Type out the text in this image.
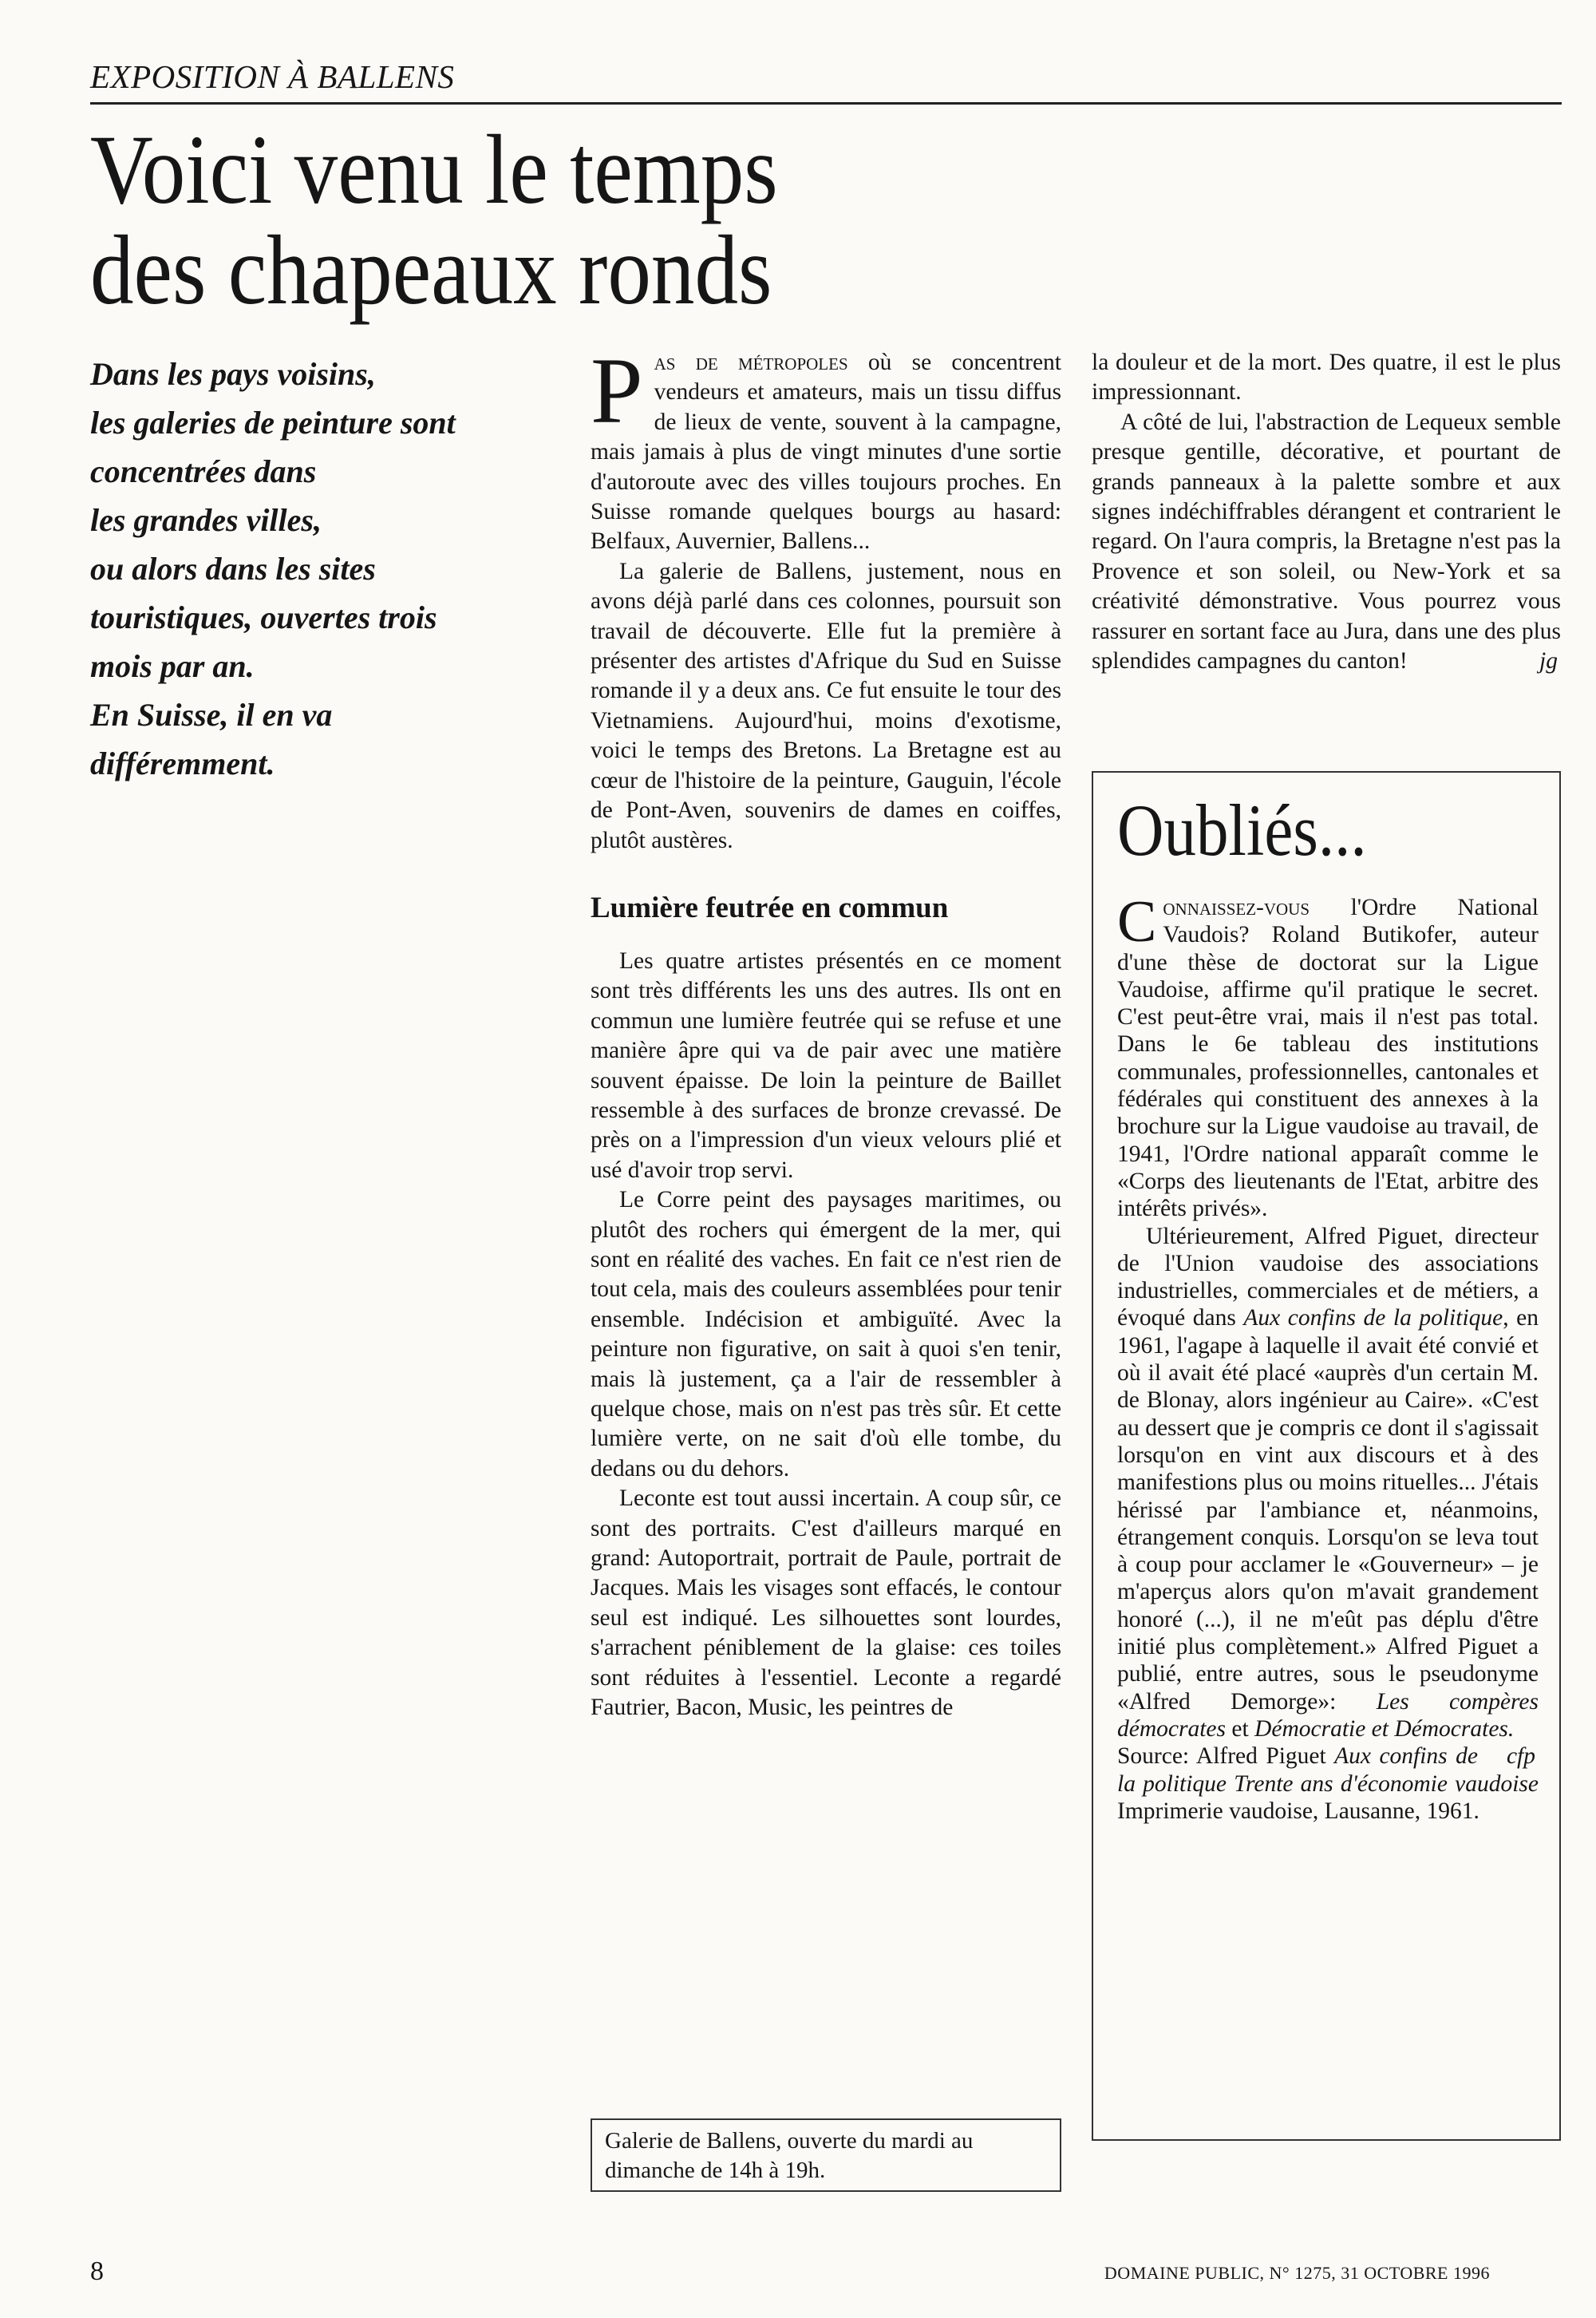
EXPOSITION À BALLENS
Voici venu le temps
des chapeaux ronds

Dans les pays voisins,

les galeries de peinture sont

concentrées dans

les grandes villes,

ou alors dans les sites

touristiques, ouvertes trois

mois par an.

En Suisse, il en va

différemment.

Pas de métropoles où se concentrent vendeurs et amateurs, mais un tissu diffus de lieux de vente, souvent à la campagne, mais jamais à plus de vingt minutes d'une sortie d'autoroute avec des villes toujours proches. En Suisse romande quelques bourgs au hasard: Belfaux, Auvernier, Ballens...

La galerie de Ballens, justement, nous en avons déjà parlé dans ces colonnes, poursuit son travail de découverte. Elle fut la première à présenter des artistes d'Afrique du Sud en Suisse romande il y a deux ans. Ce fut ensuite le tour des Vietnamiens. Aujourd'hui, moins d'exotisme, voici le temps des Bretons. La Bretagne est au cœur de l'histoire de la peinture, Gauguin, l'école de Pont-Aven, souvenirs de dames en coiffes, plutôt austères.

Lumière feutrée en commun

Les quatre artistes présentés en ce moment sont très différents les uns des autres. Ils ont en commun une lumière feutrée qui se refuse et une manière âpre qui va de pair avec une matière souvent épaisse. De loin la peinture de Baillet ressemble à des surfaces de bronze crevassé. De près on a l'impression d'un vieux velours plié et usé d'avoir trop servi.

Le Corre peint des paysages maritimes, ou plutôt des rochers qui émergent de la mer, qui sont en réalité des vaches. En fait ce n'est rien de tout cela, mais des couleurs assemblées pour tenir ensemble. Indécision et ambiguïté. Avec la peinture non figurative, on sait à quoi s'en tenir, mais là justement, ça a l'air de ressembler à quelque chose, mais on n'est pas très sûr. Et cette lumière verte, on ne sait d'où elle tombe, du dedans ou du dehors.

Leconte est tout aussi incertain. A coup sûr, ce sont des portraits. C'est d'ailleurs marqué en grand: Autoportrait, portrait de Paule, portrait de Jacques. Mais les visages sont effacés, le contour seul est indiqué. Les silhouettes sont lourdes, s'arrachent péniblement de la glaise: ces toiles sont réduites à l'essentiel. Leconte a regardé Fautrier, Bacon, Music, les peintres de

Galerie de Ballens, ouverte du mardi au dimanche de 14h à 19h.

la douleur et de la mort. Des quatre, il est le plus impressionnant.

A côté de lui, l'abstraction de Lequeux semble presque gentille, décorative, et pourtant de grands panneaux à la palette sombre et aux signes indéchiffrables dérangent et contrarient le regard. On l'aura compris, la Bretagne n'est pas la Provence et son soleil, ou New-York et sa créativité démonstrative. Vous pourrez vous rassurer en sortant face au Jura, dans une des plus splendides campagnes du canton!	jg

Oubliés...

Connaissez-vous l'Ordre National Vaudois? Roland Butikofer, auteur d'une thèse de doctorat sur la Ligue Vaudoise, affirme qu'il pratique le secret. C'est peut-être vrai, mais il n'est pas total. Dans le 6e tableau des institutions communales, professionnelles, cantonales et fédérales qui constituent des annexes à la brochure sur la Ligue vaudoise au travail, de 1941, l'Ordre national apparaît comme le «Corps des lieutenants de l'Etat, arbitre des intérêts privés».

Ultérieurement, Alfred Piguet, directeur de l'Union vaudoise des associations industrielles, commerciales et de métiers, a évoqué dans Aux confins de la politique, en 1961, l'agape à laquelle il avait été convié et où il avait été placé «auprès d'un certain M. de Blonay, alors ingénieur au Caire». «C'est au dessert que je compris ce dont il s'agissait lorsqu'on en vint aux discours et à des manifestions plus ou moins rituelles... J'étais hérissé par l'ambiance et, néanmoins, étrangement conquis. Lorsqu'on se leva tout à coup pour acclamer le «Gouverneur» – je m'aperçus alors qu'on m'avait grandement honoré (...), il ne m'eût pas déplu d'être initié plus complètement.» Alfred Piguet a publié, entre autres, sous le pseudonyme «Alfred Demorge»: Les compères démocrates et Démocratie et Démocrates.
cfp

Source: Alfred Piguet Aux confins de la politique Trente ans d'économie vaudoise Imprimerie vaudoise, Lausanne, 1961.

8	DOMAINE PUBLIC, N° 1275, 31 OCTOBRE 1996
